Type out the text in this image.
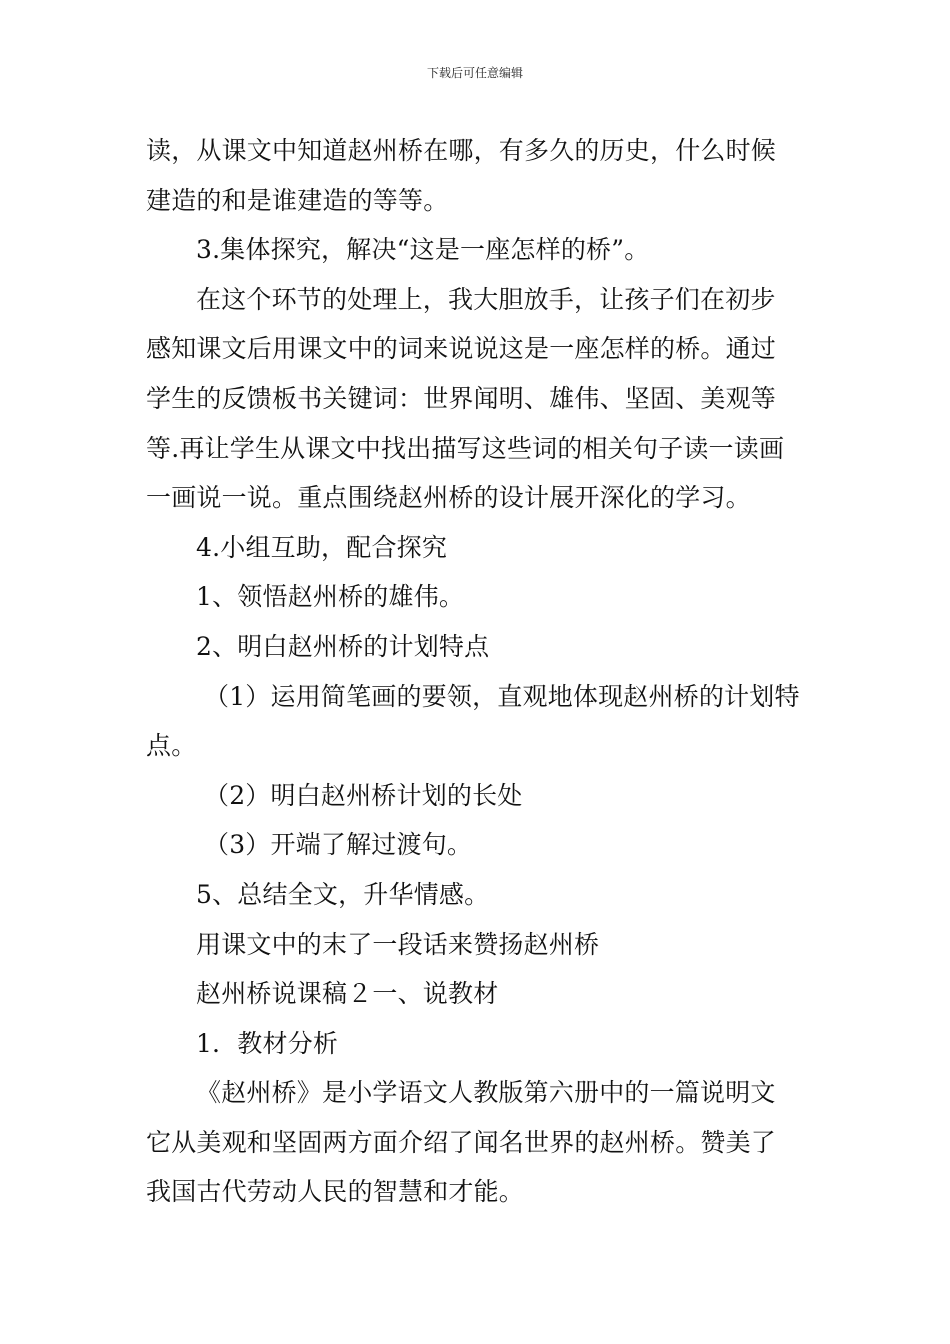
下载后可任意编辑
读，从课文中知道赵州桥在哪，有多久的历史，什么时候
建造的和是谁建造的等等。
3.集体探究，解决“这是一座怎样的桥”。
在这个环节的处理上，我大胆放手，让孩子们在初步
感知课文后用课文中的词来说说这是一座怎样的桥。通过
学生的反馈板书关键词：世界闻明、雄伟、坚固、美观等
等.再让学生从课文中找出描写这些词的相关句子读一读画
一画说一说。重点围绕赵州桥的设计展开深化的学习。
4.小组互助，配合探究
1、领悟赵州桥的雄伟。
2、明白赵州桥的计划特点
（1）运用简笔画的要领，直观地体现赵州桥的计划特
点。
（2）明白赵州桥计划的长处
（3）开端了解过渡句。
5、总结全文，升华情感。
用课文中的末了一段话来赞扬赵州桥
赵州桥说课稿２一、说教材
1．教材分析
《赵州桥》是小学语文人教版第六册中的一篇说明文
它从美观和坚固两方面介绍了闻名世界的赵州桥。赞美了
我国古代劳动人民的智慧和才能。
